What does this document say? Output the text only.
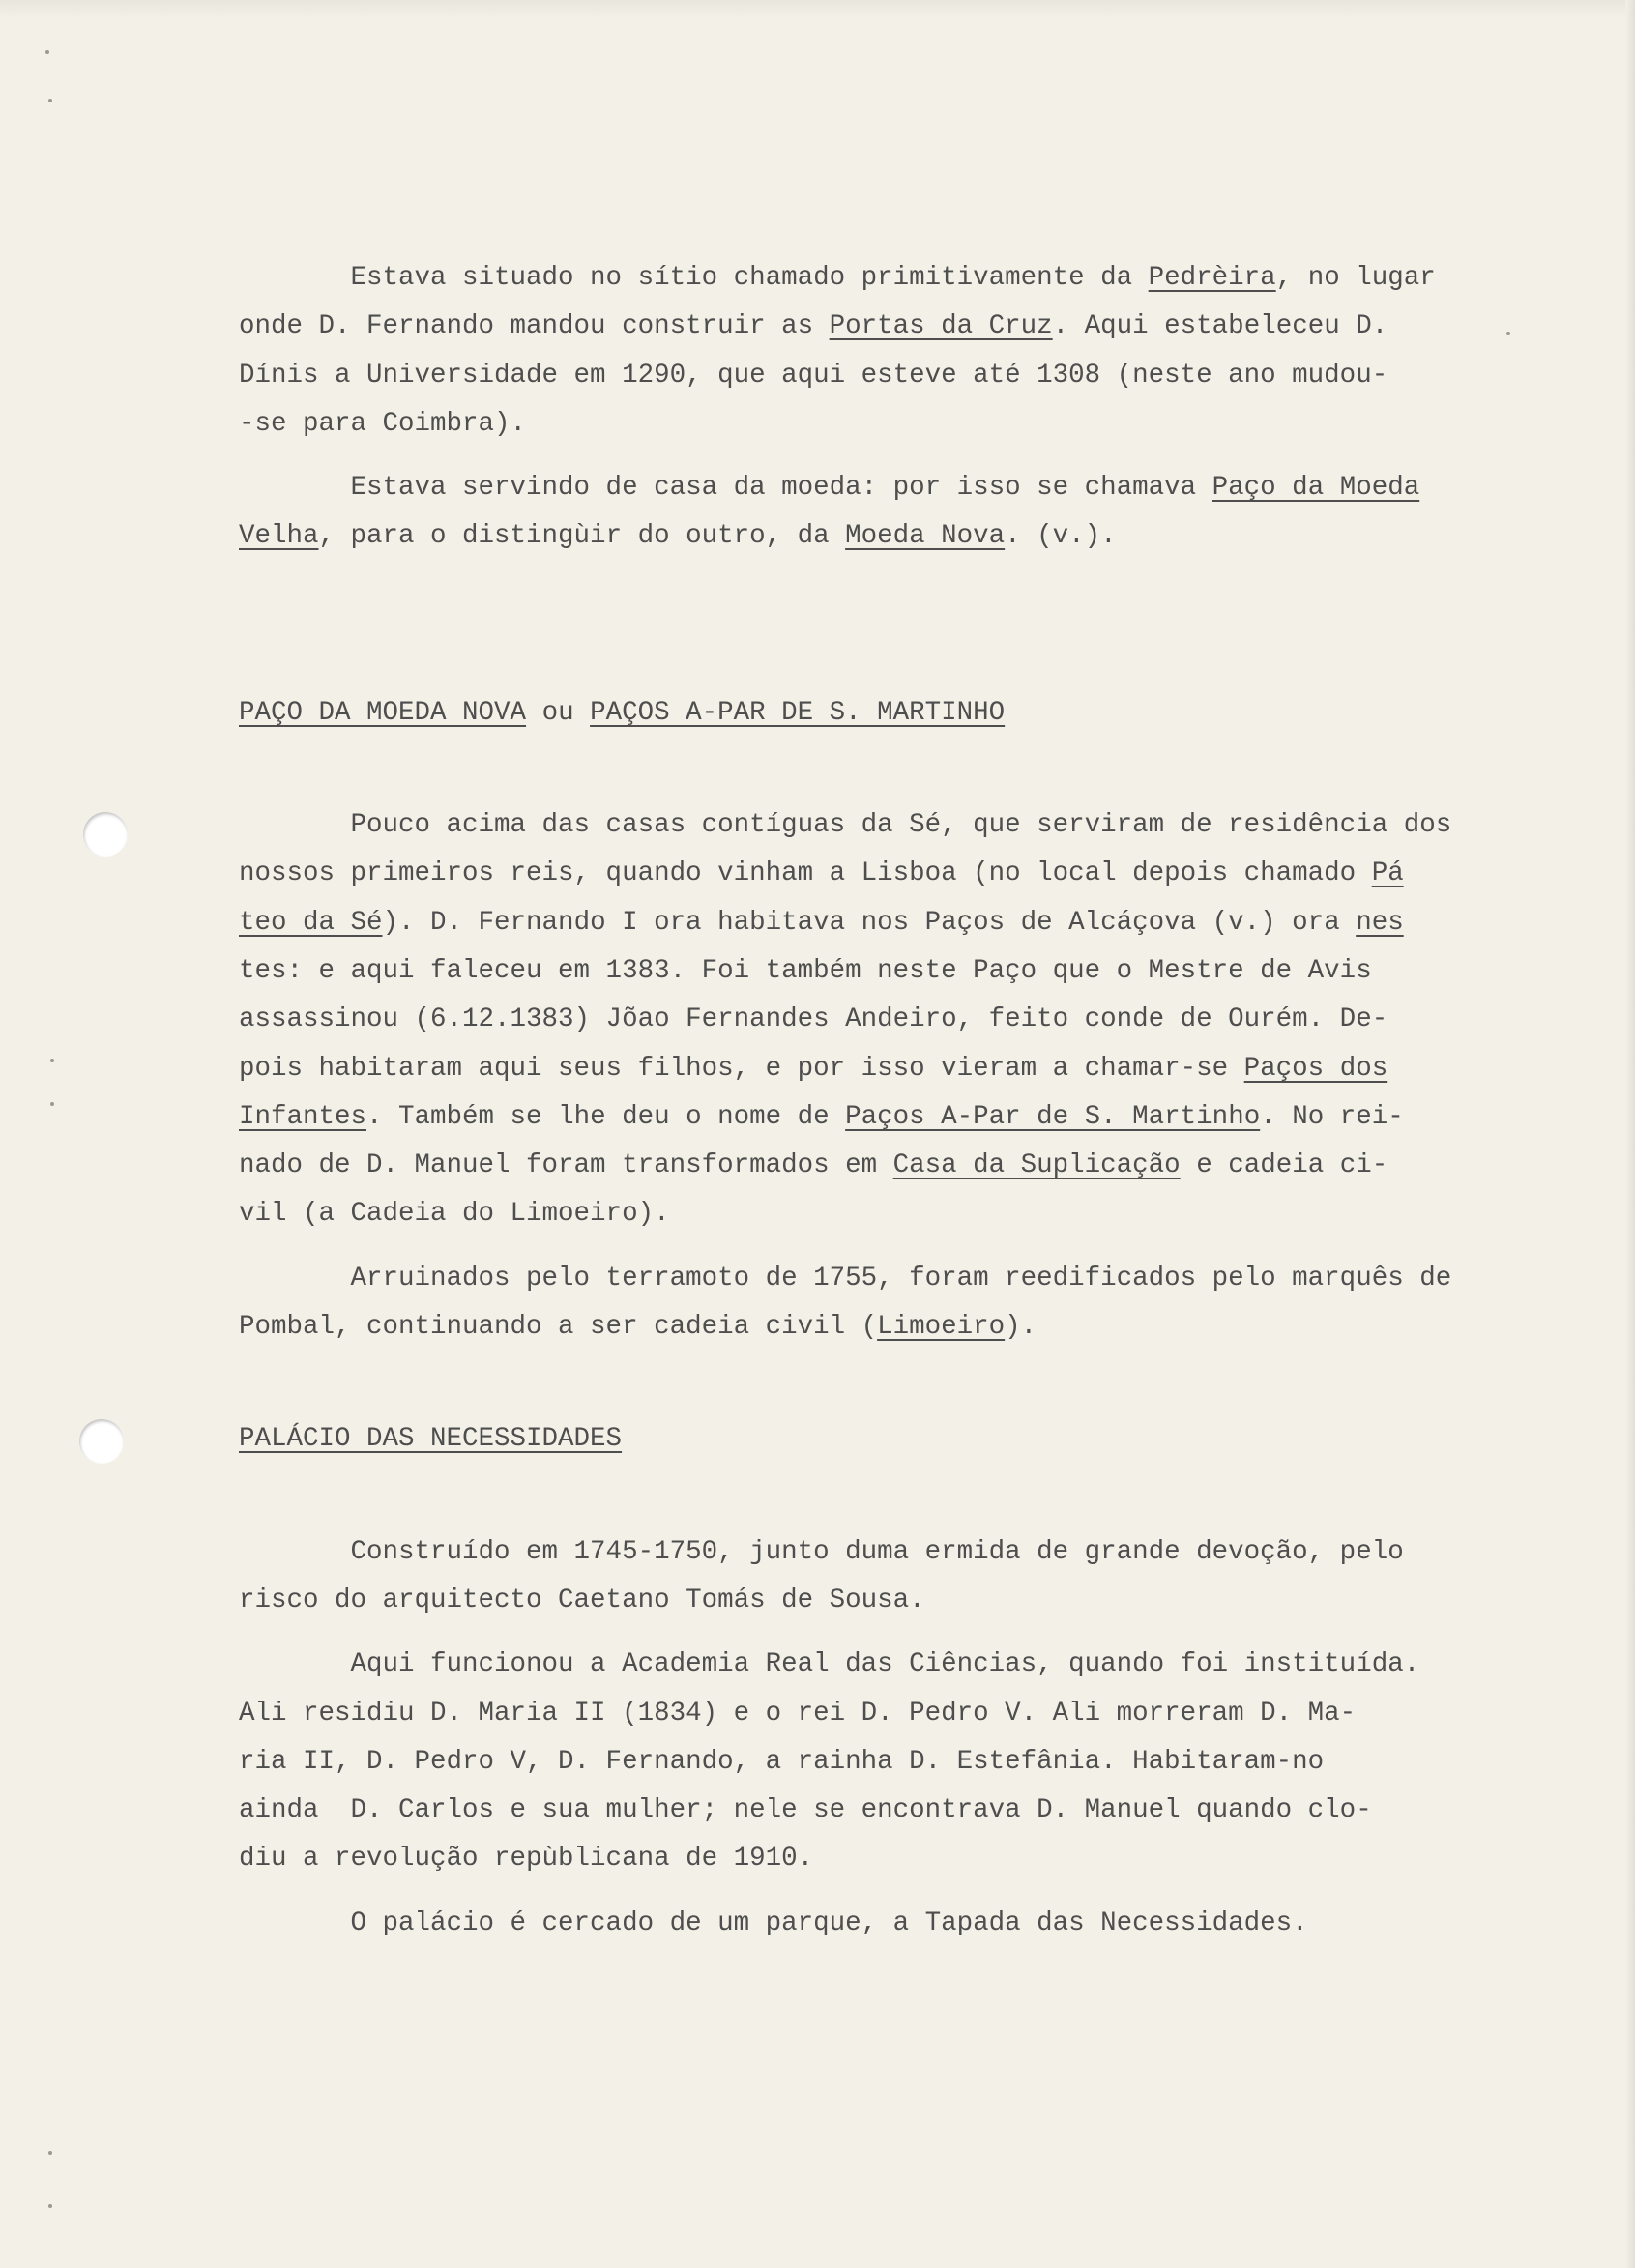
Estava situado no sítio chamado primitivamente da Pedrèira, no lugar
onde D. Fernando mandou construir as Portas da Cruz. Aqui estabeleceu D.
Dínis a Universidade em 1290, que aqui esteve até 1308 (neste ano mudou-
-se para Coimbra).
Estava servindo de casa da moeda: por isso se chamava Paço da Moeda
Velha, para o distingùir do outro, da Moeda Nova. (v.).
PAÇO DA MOEDA NOVA ou PAÇOS A-PAR DE S. MARTINHO
Pouco acima das casas contíguas da Sé, que serviram de residência dos
nossos primeiros reis, quando vinham a Lisboa (no local depois chamado Pá
teo da Sé). D. Fernando I ora habitava nos Paços de Alcáçova (v.) ora nes
tes: e aqui faleceu em 1383. Foi também neste Paço que o Mestre de Avis
assassinou (6.12.1383) Jõao Fernandes Andeiro, feito conde de Ourém. De-
pois habitaram aqui seus filhos, e por isso vieram a chamar-se Paços dos
Infantes. Também se lhe deu o nome de Paços A-Par de S. Martinho. No rei-
nado de D. Manuel foram transformados em Casa da Suplicação e cadeia ci-
vil (a Cadeia do Limoeiro).
Arruinados pelo terramoto de 1755, foram reedificados pelo marquês de
Pombal, continuando a ser cadeia civil (Limoeiro).
PALÁCIO DAS NECESSIDADES
Construído em 1745-1750, junto duma ermida de grande devoção, pelo
risco do arquitecto Caetano Tomás de Sousa.
Aqui funcionou a Academia Real das Ciências, quando foi instituída.
Ali residiu D. Maria II (1834) e o rei D. Pedro V. Ali morreram D. Ma-
ria II, D. Pedro V, D. Fernando, a rainha D. Estefânia. Habitaram-no
ainda  D. Carlos e sua mulher; nele se encontrava D. Manuel quando clo-
diu a revolução repùblicana de 1910.
O palácio é cercado de um parque, a Tapada das Necessidades.
